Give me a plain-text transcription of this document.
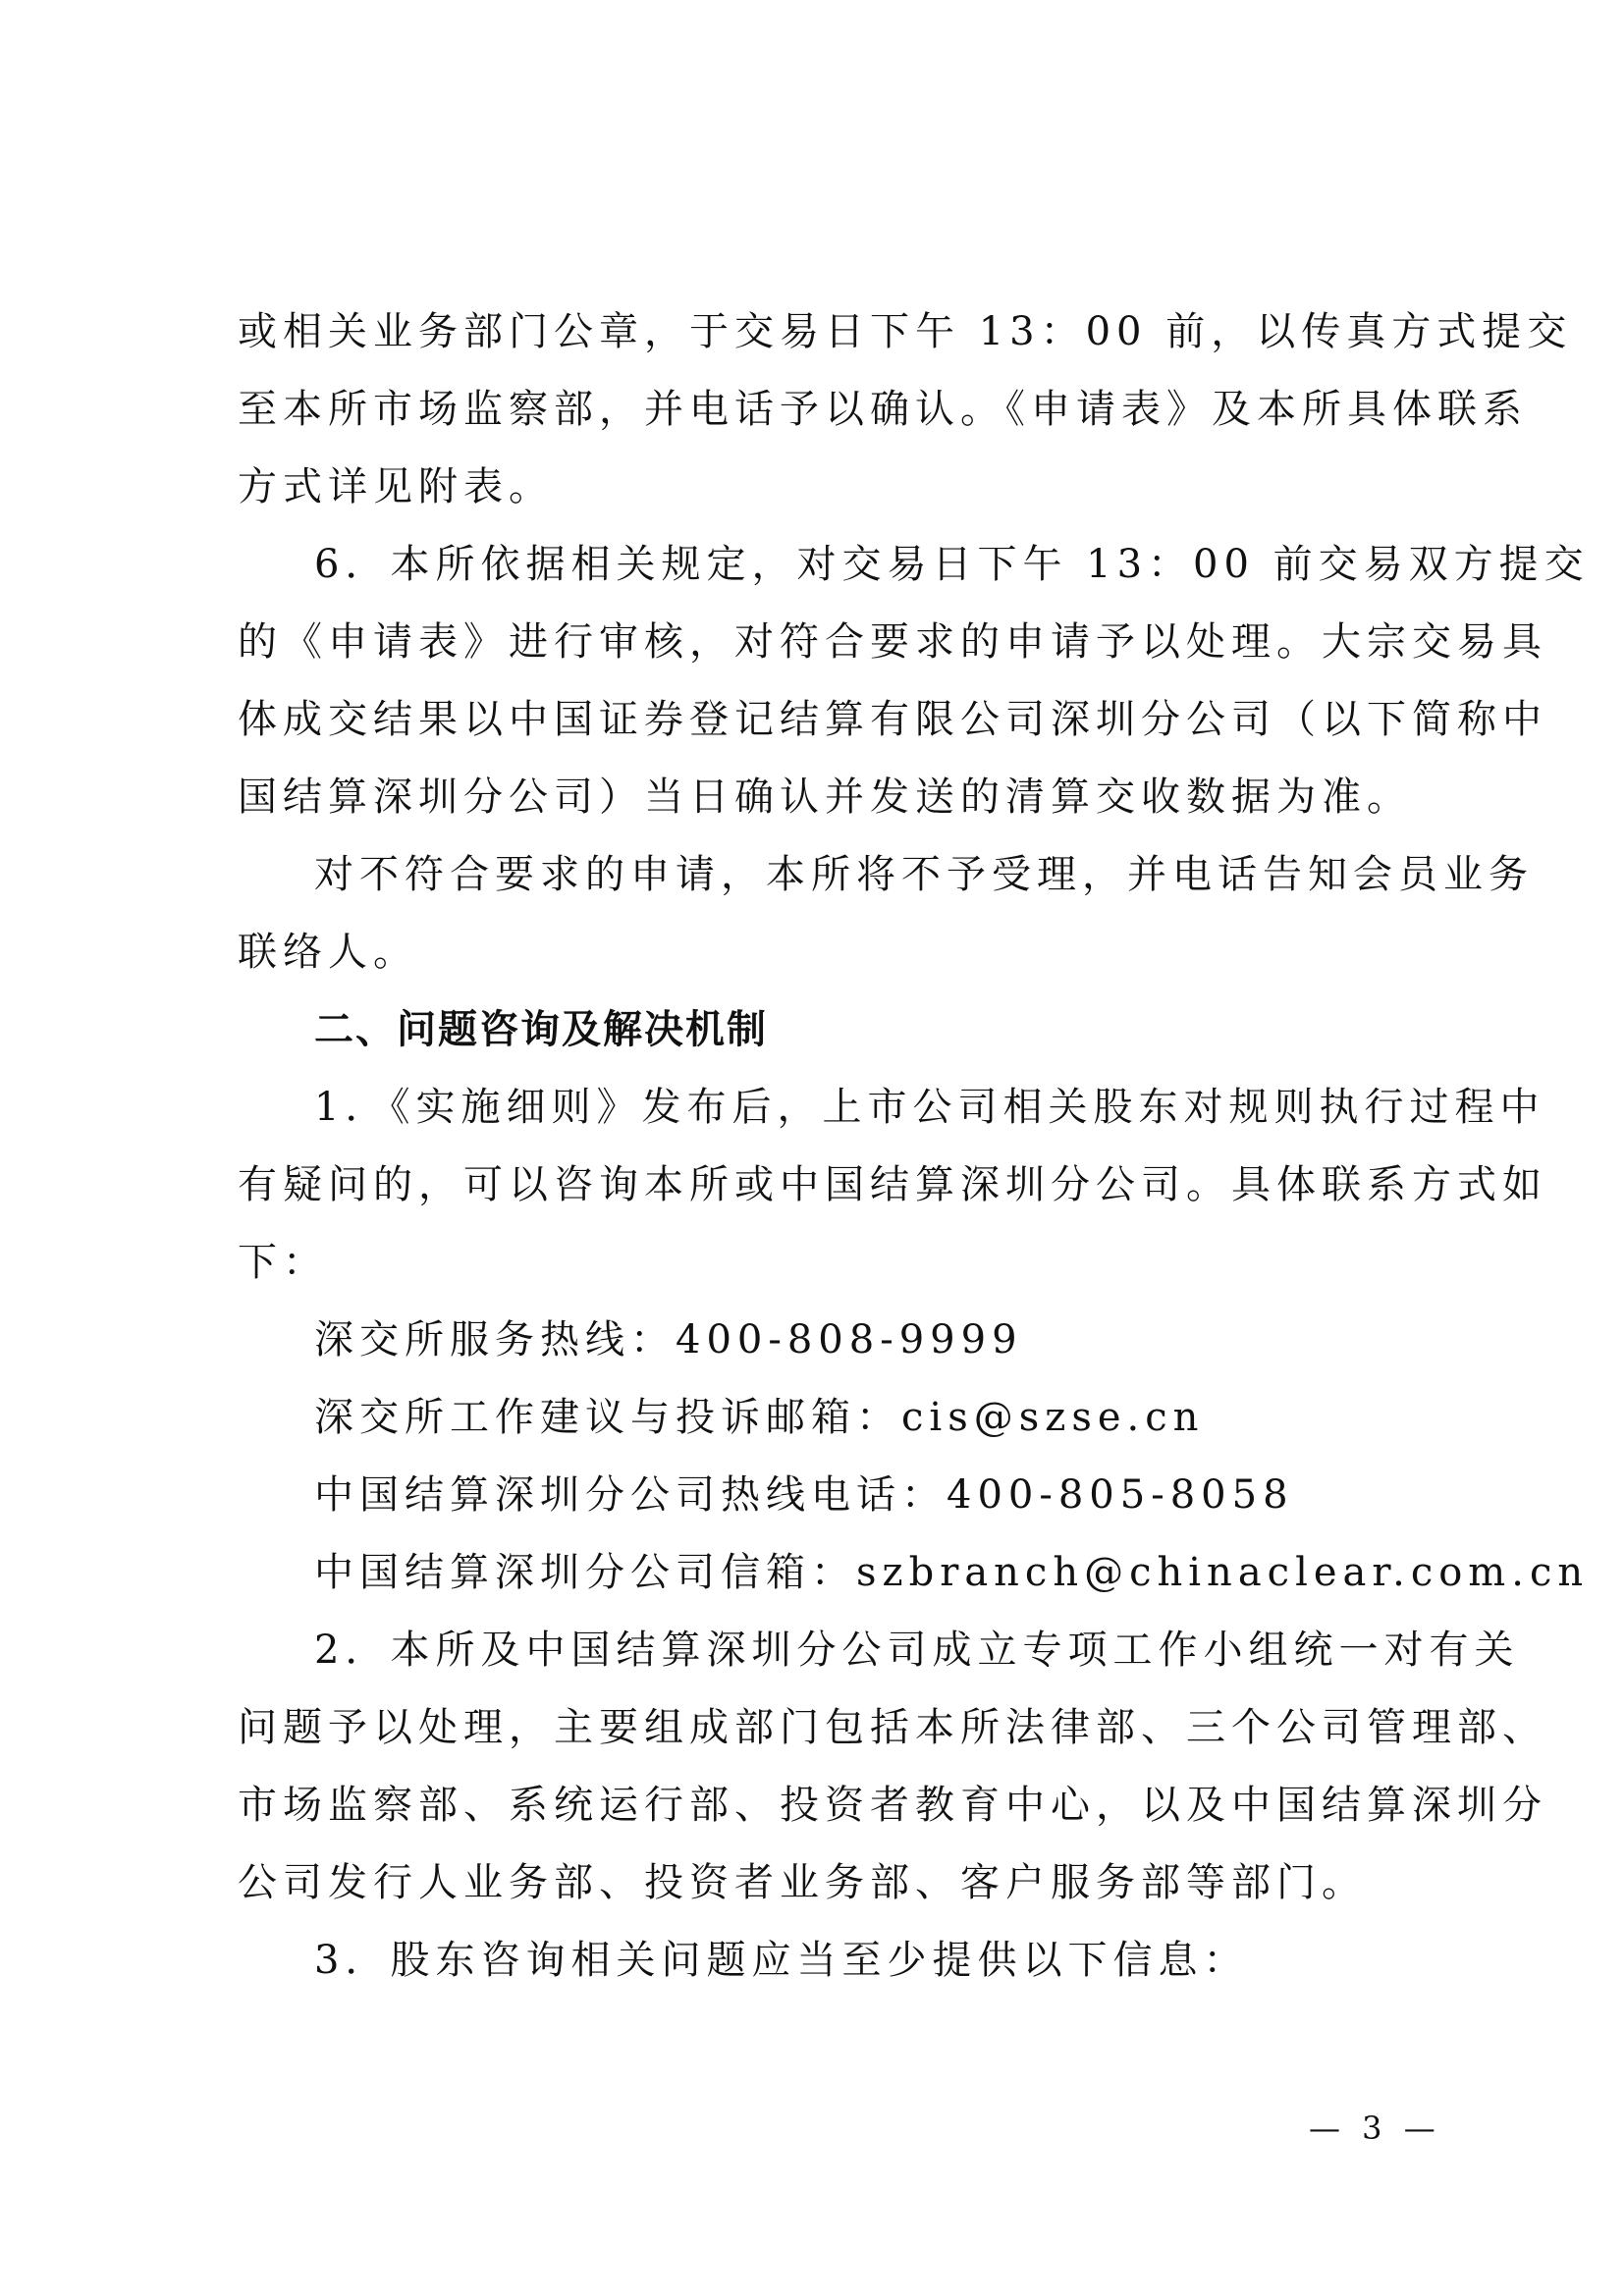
或相关业务部门公章，于交易日下午 13：00 前，以传真方式提交
至本所市场监察部，并电话予以确认。《申请表》及本所具体联系
方式详见附表。
6．本所依据相关规定，对交易日下午 13：00 前交易双方提交
的《申请表》进行审核，对符合要求的申请予以处理。大宗交易具
体成交结果以中国证券登记结算有限公司深圳分公司（以下简称中
国结算深圳分公司）当日确认并发送的清算交收数据为准。
对不符合要求的申请，本所将不予受理，并电话告知会员业务
联络人。
二、问题咨询及解决机制
1．《实施细则》发布后，上市公司相关股东对规则执行过程中
有疑问的，可以咨询本所或中国结算深圳分公司。具体联系方式如
下：
深交所服务热线：400-808-9999
深交所工作建议与投诉邮箱：cis@szse.cn
中国结算深圳分公司热线电话：400-805-8058
中国结算深圳分公司信箱：szbranch@chinaclear.com.cn
2．本所及中国结算深圳分公司成立专项工作小组统一对有关
问题予以处理，主要组成部门包括本所法律部、三个公司管理部、
市场监察部、系统运行部、投资者教育中心，以及中国结算深圳分
公司发行人业务部、投资者业务部、客户服务部等部门。
3．股东咨询相关问题应当至少提供以下信息：
— 3 —
